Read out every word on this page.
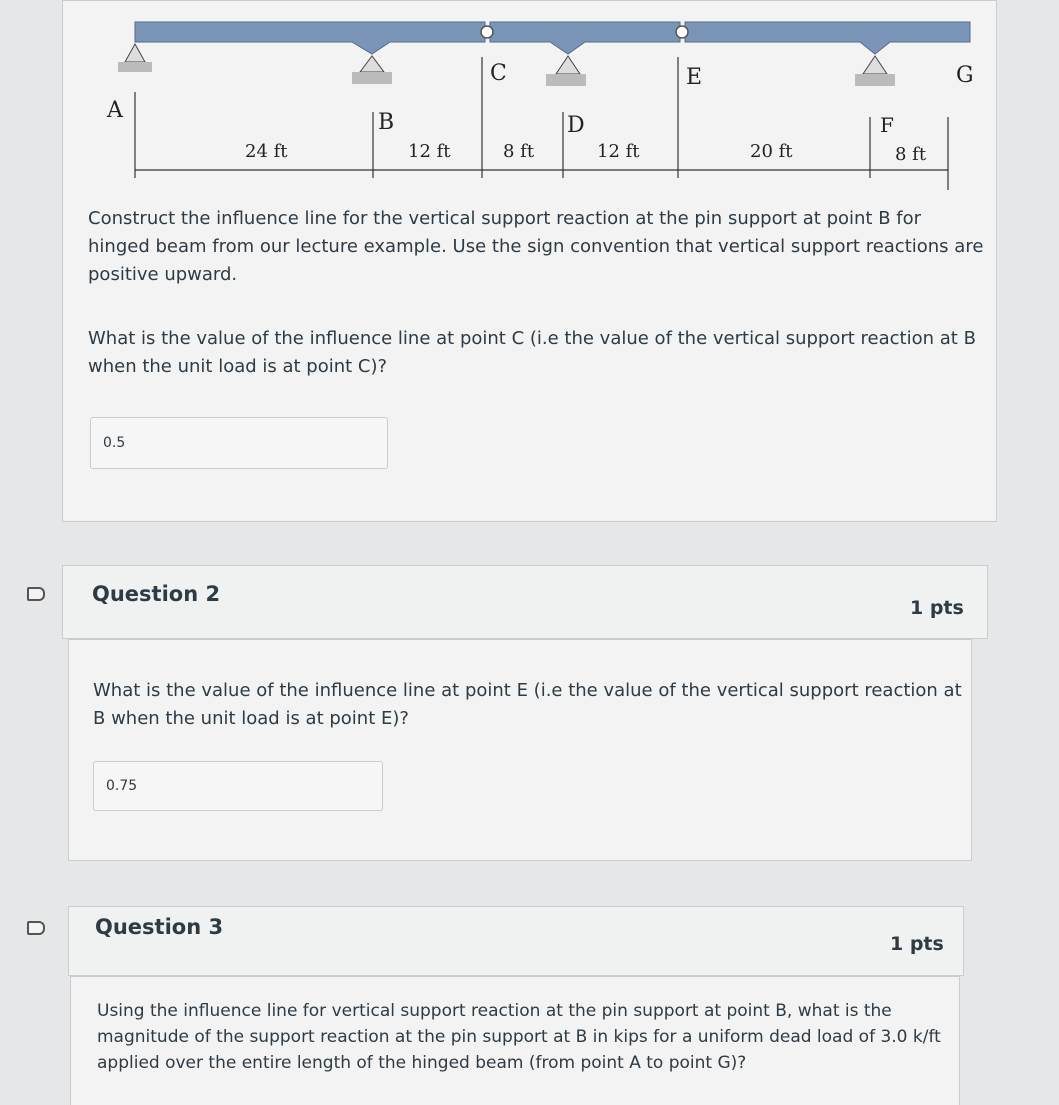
A	B
C
D
E
F
G
24 ft	12 ft	8 ft	12 ft	20 ft	8 ft
Construct the influence line for the vertical support reaction at the pin support at point B for hinged beam from our lecture example. Use the sign convention that vertical support reactions are positive upward.
What is the value of the influence line at point C (i.e the value of the vertical support reaction at B when the unit load is at point C)?
0.5
Question 2
1 pts
What is the value of the influence line at point E (i.e the value of the vertical support reaction at B when the unit load is at point E)?
0.75
Question 3
1 pts
Using the influence line for vertical support reaction at the pin support at point B, what is the magnitude of the support reaction at the pin support at B in kips for a uniform dead load of 3.0 k/ft applied over the entire length of the hinged beam (from point A to point G)?
